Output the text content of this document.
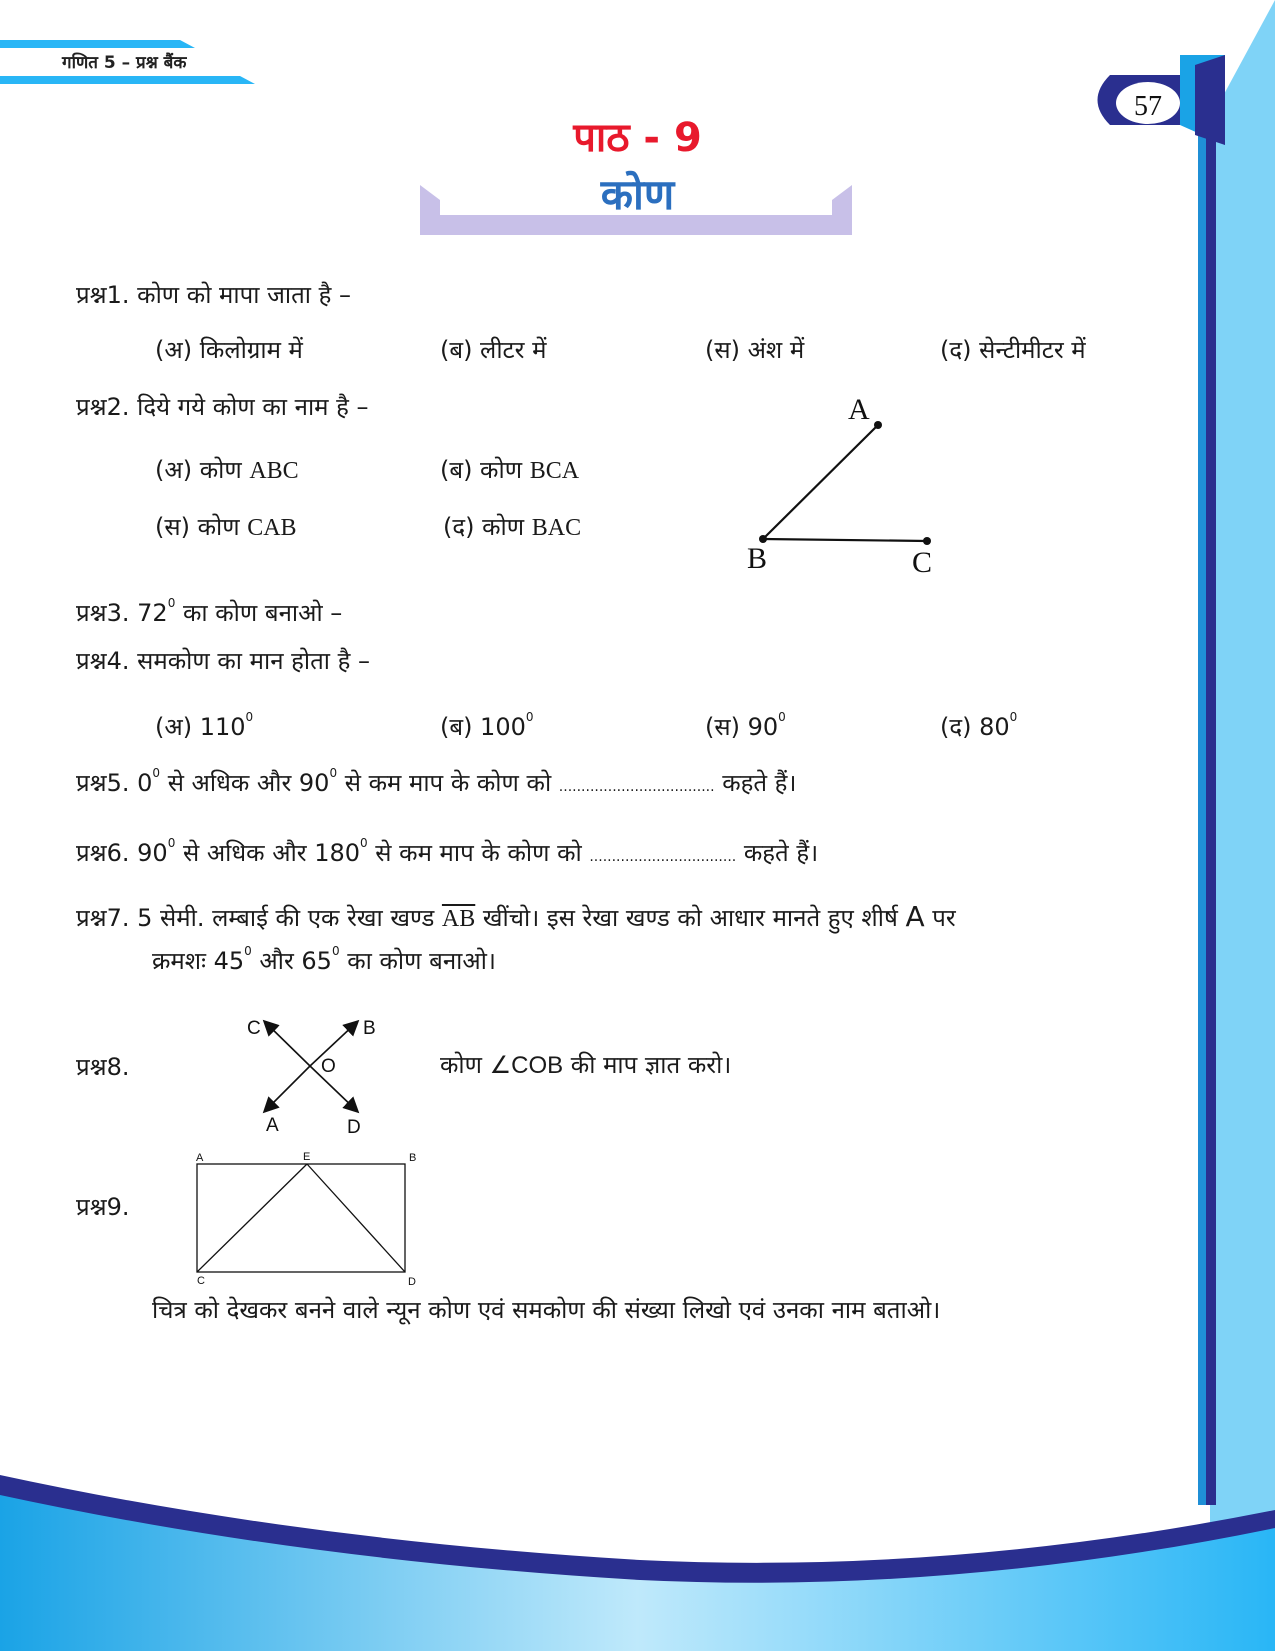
गणित 5 – प्रश्न बैंक
57
पाठ - 9
कोण
प्रश्न1. कोण को मापा जाता है –
(अ) किलोग्राम में	(ब) लीटर में	(स) अंश में	(द) सेन्टीमीटर में
प्रश्न2. दिये गये कोण का नाम है –
(अ) कोण ABC	(ब) कोण BCA
(स) कोण CAB	(द) कोण BAC
A
B	C
प्रश्न3. $72^0$ का कोण बनाओ –
प्रश्न4. समकोण का मान होता है –
(अ) $110^0$	(ब) $100^0$	(स) $90^0$	(द) $80^0$
प्रश्न5. $0^0$ से अधिक और $90^0$ से कम माप के कोण को ................................... कहते हैं।
प्रश्न6. $90^0$ से अधिक और $180^0$ से कम माप के कोण को ................................. कहते हैं।
प्रश्न7. 5 सेमी. लम्बाई की एक रेखा खण्ड $\overline{AB}$ खींचो। इस रेखा खण्ड को आधार मानते हुए शीर्ष A पर
क्रमशः $45^0$ और $65^0$ का कोण बनाओ।
प्रश्न8.	कोण ∠COB की माप ज्ञात करो।
C	B
O
A	D
प्रश्न9.
A	E	B
C	D
चित्र को देखकर बनने वाले न्यून कोण एवं समकोण की संख्या लिखो एवं उनका नाम बताओ।
